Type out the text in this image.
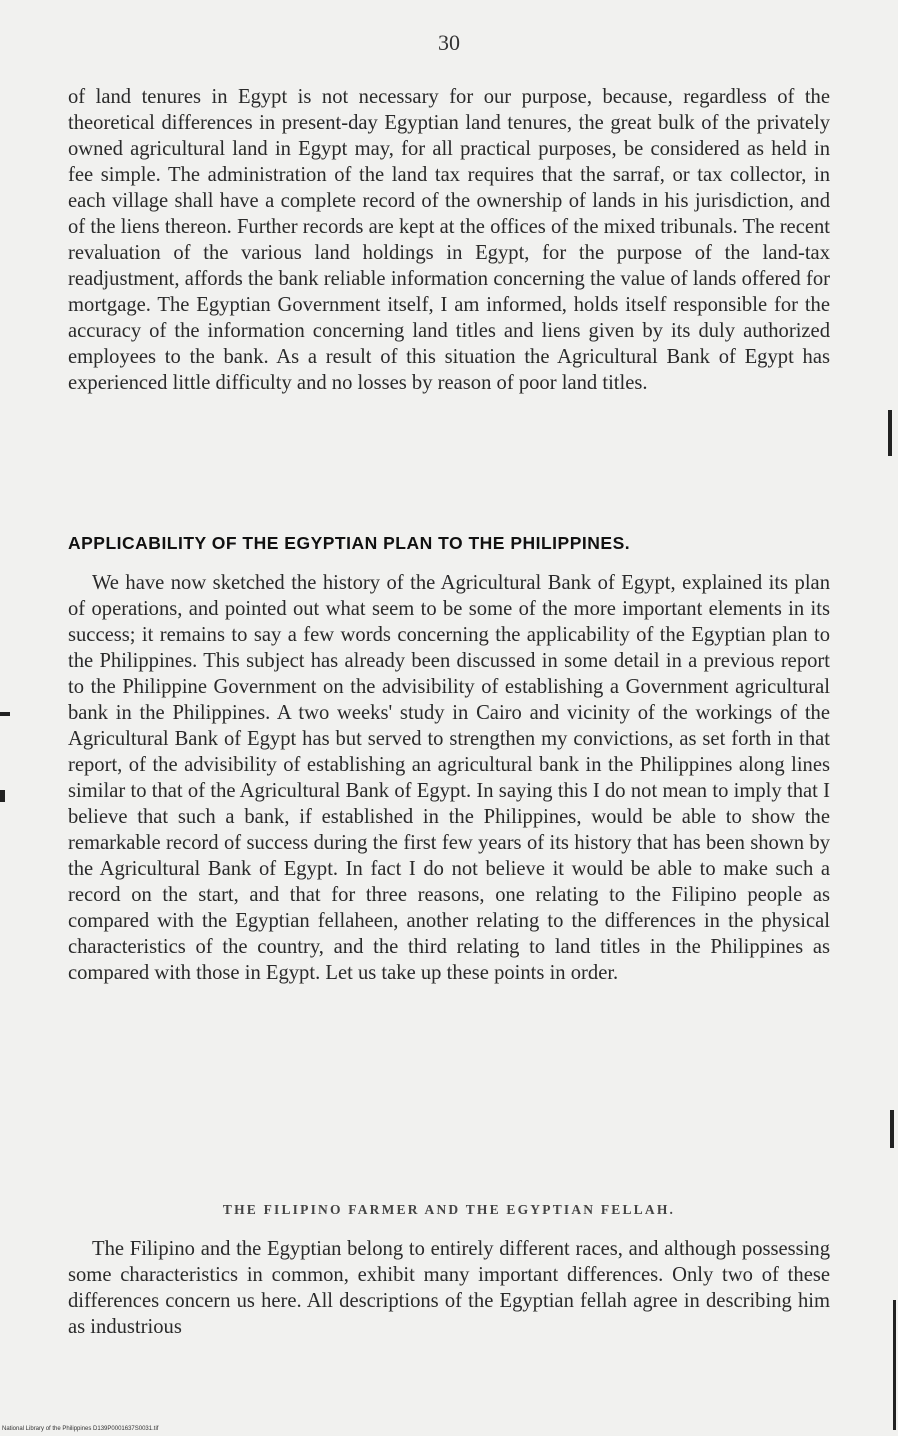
30

of land tenures in Egypt is not necessary for our purpose, because, regardless of the theoretical differences in present-day Egyptian land tenures, the great bulk of the privately owned agricultural land in Egypt may, for all practical purposes, be considered as held in fee simple. The administration of the land tax requires that the sarraf, or tax collector, in each village shall have a complete record of the ownership of lands in his jurisdiction, and of the liens thereon. Further records are kept at the offices of the mixed tribunals. The recent revaluation of the various land holdings in Egypt, for the purpose of the land-tax readjustment, affords the bank reliable information concerning the value of lands offered for mortgage. The Egyptian Government itself, I am informed, holds itself responsible for the accuracy of the information concerning land titles and liens given by its duly authorized employees to the bank. As a result of this situation the Agricultural Bank of Egypt has experienced little difficulty and no losses by reason of poor land titles.

APPLICABILITY OF THE EGYPTIAN PLAN TO THE PHILIPPINES.

We have now sketched the history of the Agricultural Bank of Egypt, explained its plan of operations, and pointed out what seem to be some of the more important elements in its success; it remains to say a few words concerning the applicability of the Egyptian plan to the Philippines. This subject has already been discussed in some detail in a previous report to the Philippine Government on the advisibility of establishing a Government agricultural bank in the Philippines. A two weeks' study in Cairo and vicinity of the workings of the Agricultural Bank of Egypt has but served to strengthen my convictions, as set forth in that report, of the advisibility of establishing an agricultural bank in the Philippines along lines similar to that of the Agricultural Bank of Egypt. In saying this I do not mean to imply that I believe that such a bank, if established in the Philippines, would be able to show the remarkable record of success during the first few years of its history that has been shown by the Agricultural Bank of Egypt. In fact I do not believe it would be able to make such a record on the start, and that for three reasons, one relating to the Filipino people as compared with the Egyptian fellaheen, another relating to the differences in the physical characteristics of the country, and the third relating to land titles in the Philippines as compared with those in Egypt. Let us take up these points in order.

THE FILIPINO FARMER AND THE EGYPTIAN FELLAH.

The Filipino and the Egyptian belong to entirely different races, and although possessing some characteristics in common, exhibit many important differences. Only two of these differences concern us here. All descriptions of the Egyptian fellah agree in describing him as industrious

National Library of the Philippines D139P0001637S0031.tif
